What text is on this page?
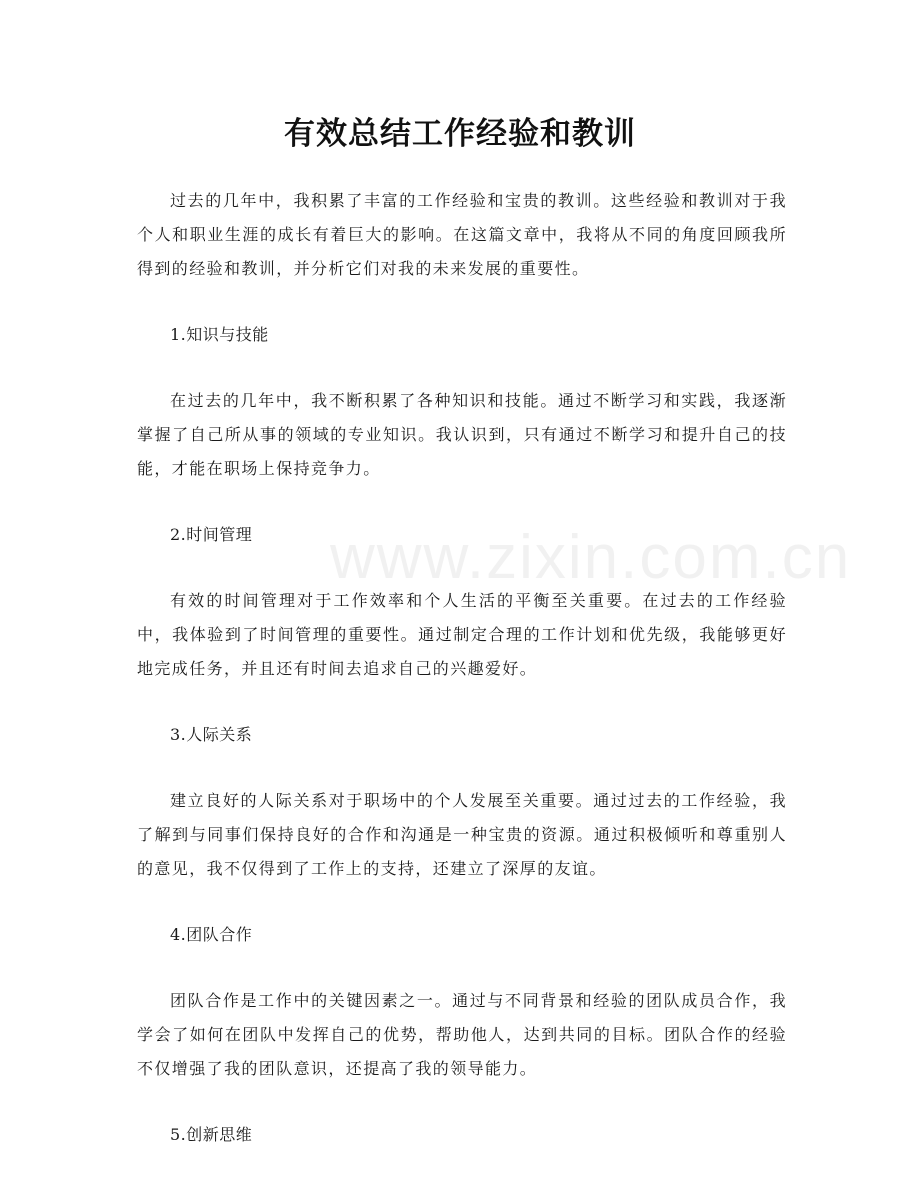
www.zixin.com.cn
有效总结工作经验和教训

过去的几年中，我积累了丰富的工作经验和宝贵的教训。这些经验和教训对于我个人和职业生涯的成长有着巨大的影响。在这篇文章中，我将从不同的角度回顾我所得到的经验和教训，并分析它们对我的未来发展的重要性。

1.知识与技能

在过去的几年中，我不断积累了各种知识和技能。通过不断学习和实践，我逐渐掌握了自己所从事的领域的专业知识。我认识到，只有通过不断学习和提升自己的技能，才能在职场上保持竞争力。

2.时间管理

有效的时间管理对于工作效率和个人生活的平衡至关重要。在过去的工作经验中，我体验到了时间管理的重要性。通过制定合理的工作计划和优先级，我能够更好地完成任务，并且还有时间去追求自己的兴趣爱好。

3.人际关系

建立良好的人际关系对于职场中的个人发展至关重要。通过过去的工作经验，我了解到与同事们保持良好的合作和沟通是一种宝贵的资源。通过积极倾听和尊重别人的意见，我不仅得到了工作上的支持，还建立了深厚的友谊。

4.团队合作

团队合作是工作中的关键因素之一。通过与不同背景和经验的团队成员合作，我学会了如何在团队中发挥自己的优势，帮助他人，达到共同的目标。团队合作的经验不仅增强了我的团队意识，还提高了我的领导能力。

5.创新思维
